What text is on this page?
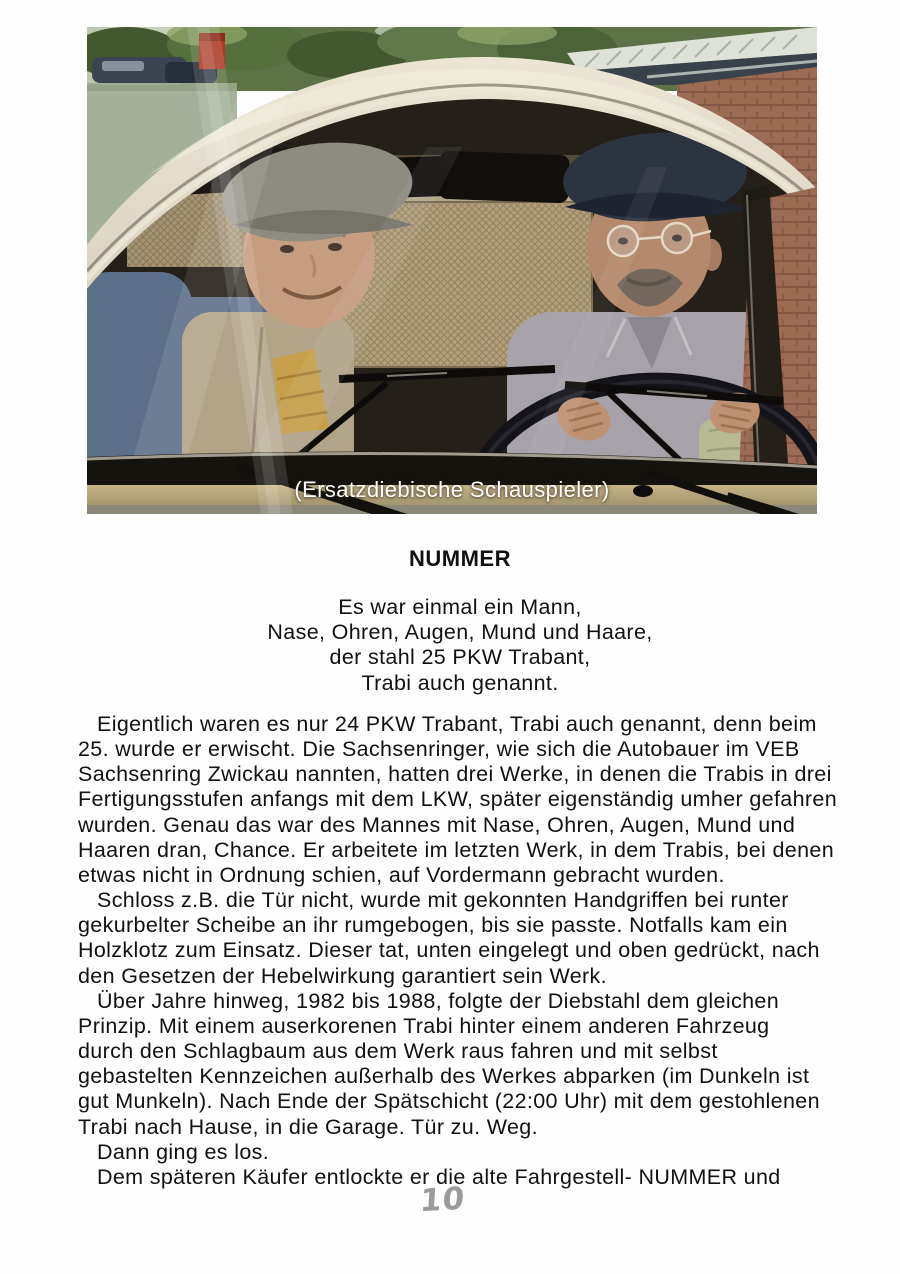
(Ersatzdiebische Schauspieler)
NUMMER
Es war einmal ein Mann,
Nase, Ohren, Augen, Mund und Haare,
der stahl 25 PKW Trabant,
Trabi auch genannt.

Eigentlich waren es nur 24 PKW Trabant, Trabi auch genannt, denn beim
25. wurde er erwischt. Die Sachsenringer, wie sich die Autobauer im VEB
Sachsenring Zwickau nannten, hatten drei Werke, in denen die Trabis in drei
Fertigungsstufen anfangs mit dem LKW, später eigenständig umher gefahren
wurden. Genau das war des Mannes mit Nase, Ohren, Augen, Mund und
Haaren dran, Chance. Er arbeitete im letzten Werk, in dem Trabis, bei denen
etwas nicht in Ordnung schien, auf Vordermann gebracht wurden.

Schloss z.B. die Tür nicht, wurde mit gekonnten Handgriffen bei runter
gekurbelter Scheibe an ihr rumgebogen, bis sie passte. Notfalls kam ein
Holzklotz zum Einsatz. Dieser tat, unten eingelegt und oben gedrückt, nach
den Gesetzen der Hebelwirkung garantiert sein Werk.

Über Jahre hinweg, 1982 bis 1988, folgte der Diebstahl dem gleichen
Prinzip. Mit einem auserkorenen Trabi hinter einem anderen Fahrzeug
durch den Schlagbaum aus dem Werk raus fahren und mit selbst
gebastelten Kennzeichen außerhalb des Werkes abparken (im Dunkeln ist
gut Munkeln). Nach Ende der Spätschicht (22:00 Uhr) mit dem gestohlenen
Trabi nach Hause, in die Garage. Tür zu. Weg.

Dann ging es los.

Dem späteren Käufer entlockte er die alte Fahrgestell- NUMMER und

10
